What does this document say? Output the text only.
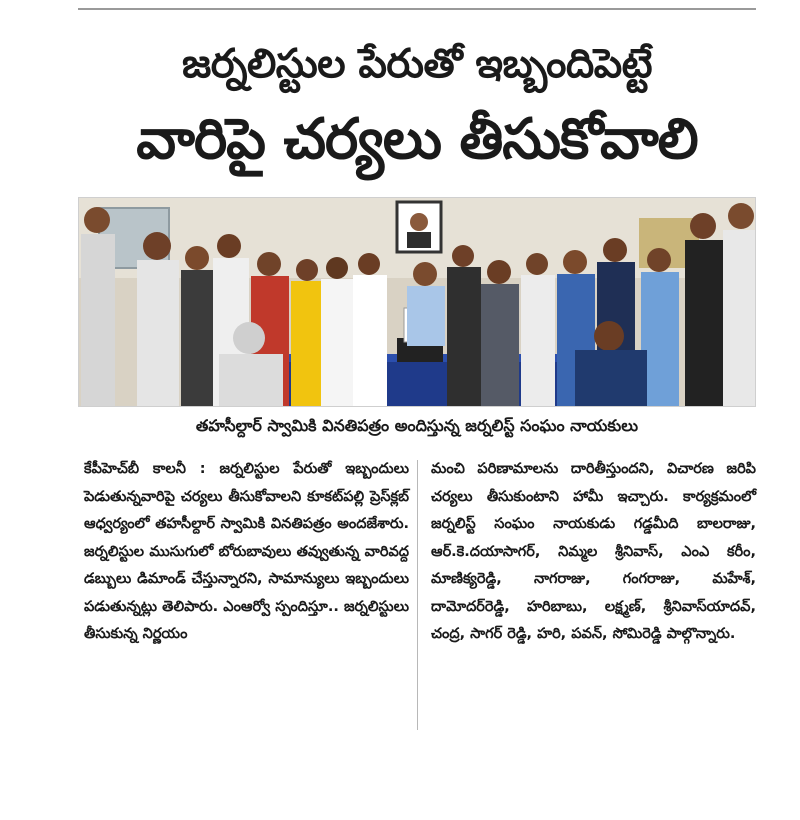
జర్నలిస్టుల పేరుతో ఇబ్బందిపెట్టే
వారిపై చర్యలు తీసుకోవాలి
తహసీల్దార్ స్వామికి వినతిపత్రం అందిస్తున్న జర్నలిస్ట్ సంఘం నాయకులు
కేపీహెచ్‌బీ కాలనీ : జర్నలిస్టుల పేరుతో ఇబ్బందులు పెడుతున్నవారిపై చర్యలు తీసుకోవాలని కూకట్‌పల్లి ప్రెస్‌క్లబ్ ఆధ్వర్యంలో తహసీల్దార్ స్వామికి వినతిపత్రం అందజేశారు. జర్నలిస్టుల ముసుగులో బోరుబావులు తవ్వుతున్న వారివద్ద డబ్బులు డిమాండ్ చేస్తున్నారని, సామాన్యులు ఇబ్బందులు పడుతున్నట్లు తెలిపారు. ఎంఆర్వో స్పందిస్తూ.. జర్నలిస్టులు తీసుకున్న నిర్ణయం
మంచి పరిణామాలను దారితీస్తుందని, విచారణ జరిపి చర్యలు తీసుకుంటాని హామీ ఇచ్చారు. కార్యక్రమంలో జర్నలిస్ట్ సంఘం నాయకుడు గడ్డమీది బాలరాజు, ఆర్.కె.దయాసాగర్, నిమ్మల శ్రీనివాస్, ఎంఎ కరీం, మాణిక్యరెడ్డి, నాగరాజు, గంగరాజు, మహేశ్, దామోదర్‌రెడ్డి, హరిబాబు, లక్ష్మణ్, శ్రీనివాస్‌యాదవ్, చంద్ర, సాగర్ రెడ్డి, హరి, పవన్, సోమిరెడ్డి పాల్గొన్నారు.
